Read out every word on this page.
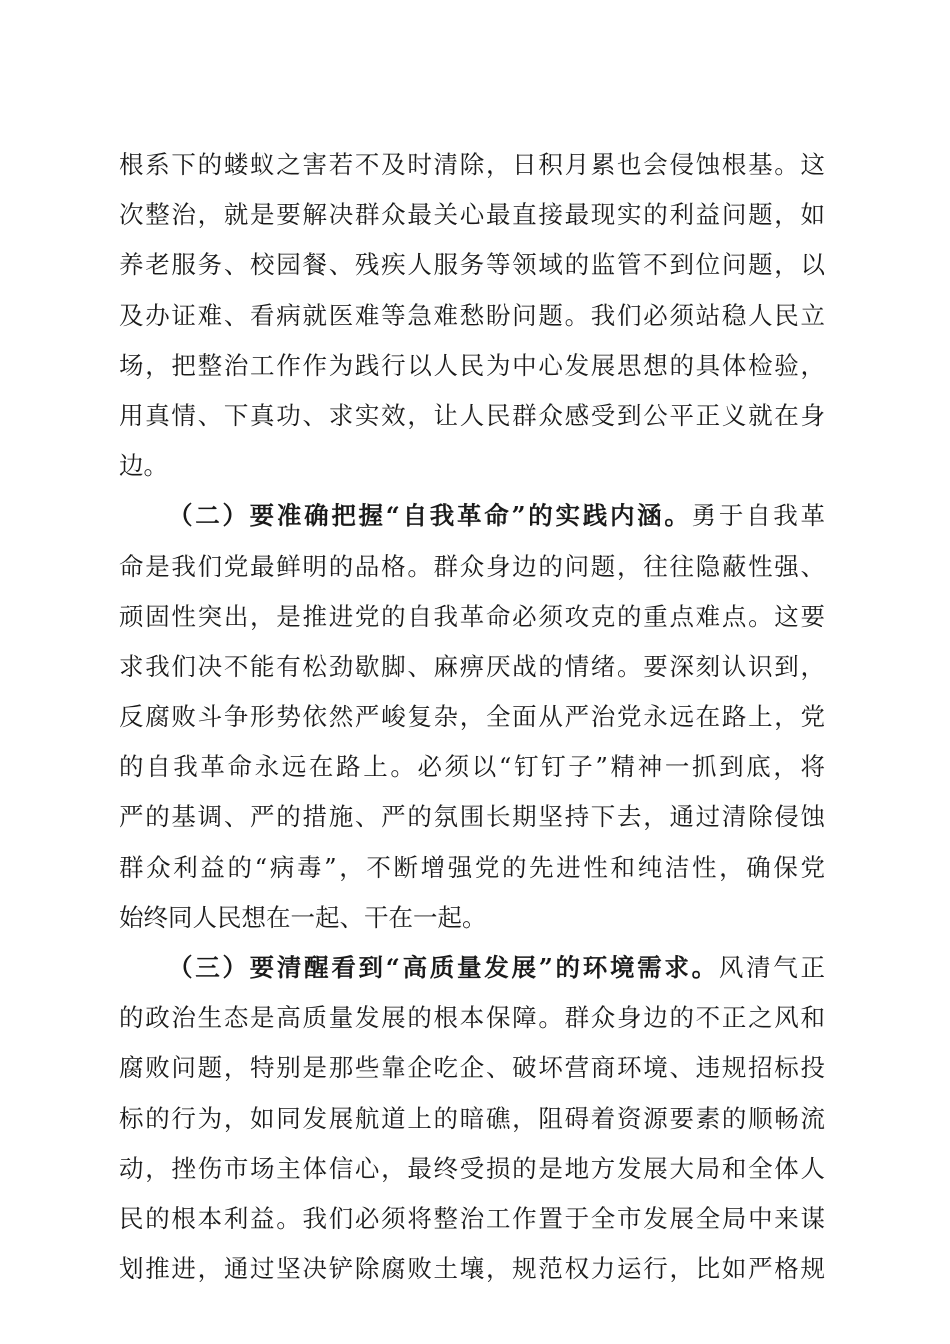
根系下的蝼蚁之害若不及时清除，日积月累也会侵蚀根基。这
次整治，就是要解决群众最关心最直接最现实的利益问题，如
养老服务、校园餐、残疾人服务等领域的监管不到位问题，以
及办证难、看病就医难等急难愁盼问题。我们必须站稳人民立
场，把整治工作作为践行以人民为中心发展思想的具体检验，
用真情、下真功、求实效，让人民群众感受到公平正义就在身
边。
（二）要准确把握“自我革命”的实践内涵。勇于自我革
命是我们党最鲜明的品格。群众身边的问题，往往隐蔽性强、
顽固性突出，是推进党的自我革命必须攻克的重点难点。这要
求我们决不能有松劲歇脚、麻痹厌战的情绪。要深刻认识到，
反腐败斗争形势依然严峻复杂，全面从严治党永远在路上，党
的自我革命永远在路上。必须以“钉钉子”精神一抓到底，将
严的基调、严的措施、严的氛围长期坚持下去，通过清除侵蚀
群众利益的“病毒”，不断增强党的先进性和纯洁性，确保党
始终同人民想在一起、干在一起。
（三）要清醒看到“高质量发展”的环境需求。风清气正
的政治生态是高质量发展的根本保障。群众身边的不正之风和
腐败问题，特别是那些靠企吃企、破坏营商环境、违规招标投
标的行为，如同发展航道上的暗礁，阻碍着资源要素的顺畅流
动，挫伤市场主体信心，最终受损的是地方发展大局和全体人
民的根本利益。我们必须将整治工作置于全市发展全局中来谋
划推进，通过坚决铲除腐败土壤，规范权力运行，比如严格规
